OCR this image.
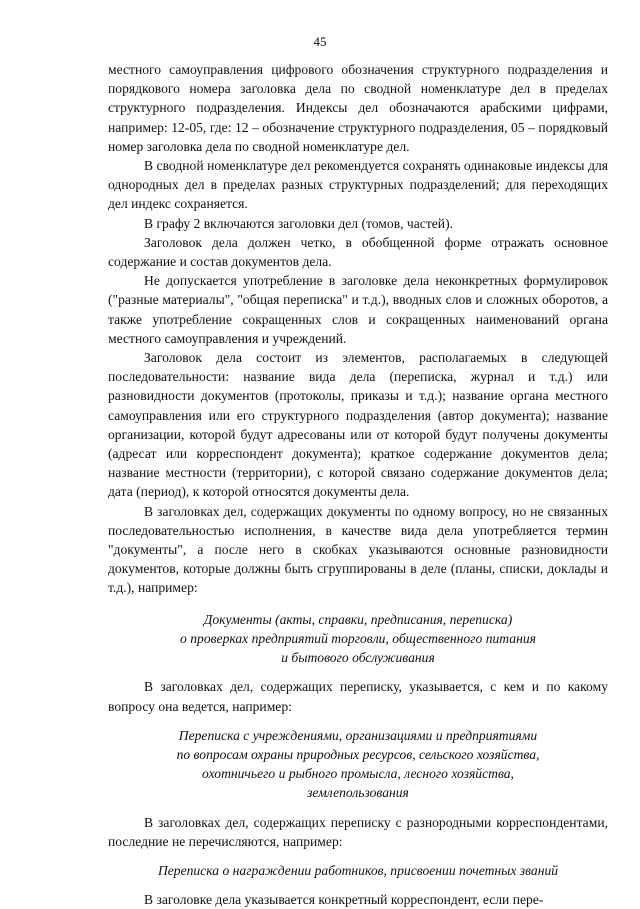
45

местного самоуправления цифрового обозначения структурного подразделения и порядкового номера заголовка дела по сводной номенклатуре дел в пределах структурного подразделения. Индексы дел обозначаются арабскими цифрами, например: 12-05, где: 12 – обозначение структурного подразделения, 05 – порядковый номер заголовка дела по сводной номенклатуре дел.

В сводной номенклатуре дел рекомендуется сохранять одинаковые индексы для однородных дел в пределах разных структурных подразделений; для переходящих дел индекс сохраняется.

В графу 2 включаются заголовки дел (томов, частей).

Заголовок дела должен четко, в обобщенной форме отражать основное содержание и состав документов дела.

Не допускается употребление в заголовке дела неконкретных формулировок ("разные материалы", "общая переписка" и т.д.), вводных слов и сложных оборотов, а также употребление сокращенных слов и сокращенных наименований органа местного самоуправления и учреждений.

Заголовок дела состоит из элементов, располагаемых в следующей последовательности: название вида дела (переписка, журнал и т.д.) или разновидности документов (протоколы, приказы и т.д.); название органа местного самоуправления или его структурного подразделения (автор документа); название организации, которой будут адресованы или от которой будут получены документы (адресат или корреспондент документа); краткое содержание документов дела; название местности (территории), с которой связано содержание документов дела; дата (период), к которой относятся документы дела.

В заголовках дел, содержащих документы по одному вопросу, но не связанных последовательностью исполнения, в качестве вида дела употребляется термин "документы", а после него в скобках указываются основные разновидности документов, которые должны быть сгруппированы в деле (планы, списки, доклады и т.д.), например:

Документы (акты, справки, предписания, переписка)
о проверках предприятий торговли, общественного питания
и бытового обслуживания

В заголовках дел, содержащих переписку, указывается, с кем и по какому вопросу она ведется, например:

Переписка с учреждениями, организациями и предприятиями
по вопросам охраны природных ресурсов, сельского хозяйства,
охотничьего и рыбного промысла, лесного хозяйства,
землепользования

В заголовках дел, содержащих переписку с разнородными корреспондентами, последние не перечисляются, например:

Переписка о награждении работников, присвоении почетных званий

В заголовке дела указывается конкретный корреспондент, если пере-
